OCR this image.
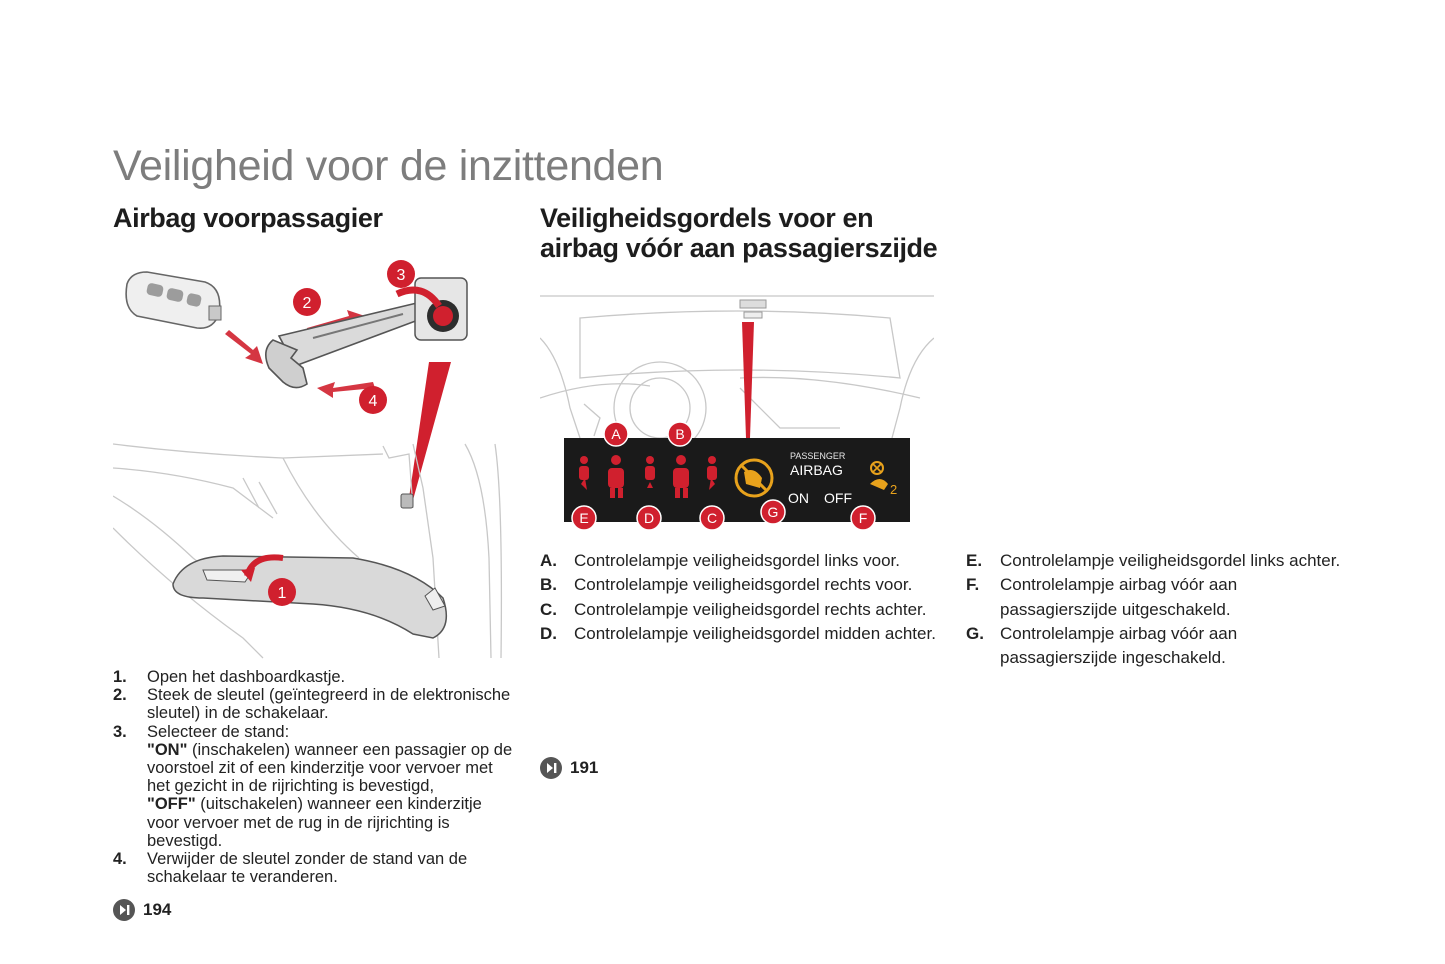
Veiligheid voor de inzittenden
Airbag voorpassagier
2
3
4
1
1.	Open het dashboardkastje.
2.	Steek de sleutel (geïntegreerd in de elektronische sleutel) in de schakelaar.
3.	Selecteer de stand:
"ON" (inschakelen) wanneer een passagier op de voorstoel zit of een kinderzitje voor vervoer met het gezicht in de rijrichting is bevestigd,
"OFF" (uitschakelen) wanneer een kinderzitje voor vervoer met de rug in de rijrichting is bevestigd.
4.	Verwijder de sleutel zonder de stand van de schakelaar te veranderen.
194
Veiligheidsgordels voor en
airbag vóór aan passagierszijde
PASSENGER
AIRBAG
ON OFF
2
A	B
E	D	C	G	F
A.	Controlelampje veiligheidsgordel links voor.
B.	Controlelampje veiligheidsgordel rechts voor.
C.	Controlelampje veiligheidsgordel rechts achter.
D.	Controlelampje veiligheidsgordel midden achter.
E.	Controlelampje veiligheidsgordel links achter.
F.	Controlelampje airbag vóór aan passagierszijde uitgeschakeld.
G. Controlelampje airbag vóór aan passagierszijde ingeschakeld.
191
